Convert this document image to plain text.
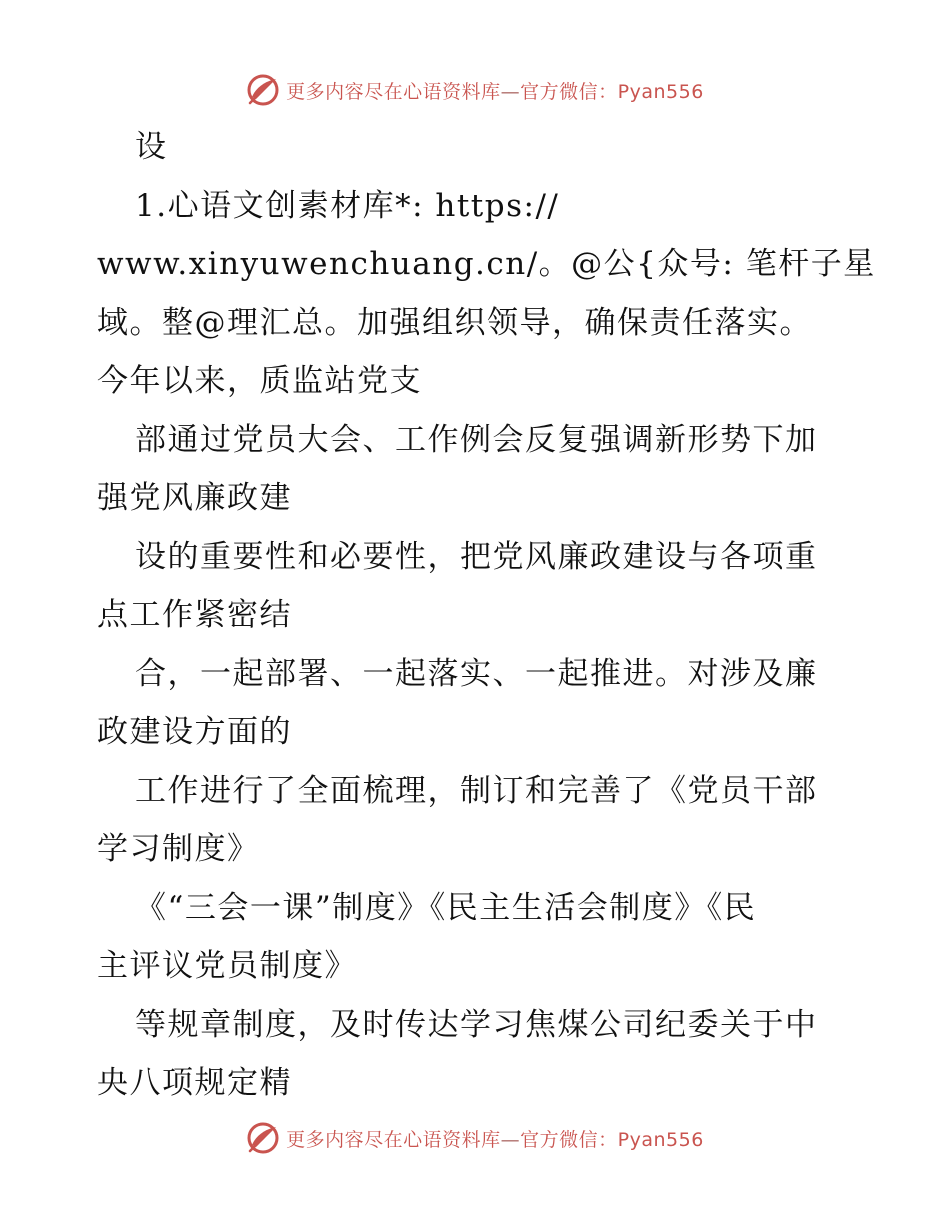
更多内容尽在心语资料库—官方微信：Pyan556
设
1.心语文创素材库*: https://
www.xinyuwenchuang.cn/。@公{众号: 笔杆子星
域。整@理汇总。加强组织领导，确保责任落实。
今年以来，质监站党支
部通过党员大会、工作例会反复强调新形势下加
强党风廉政建
设的重要性和必要性，把党风廉政建设与各项重
点工作紧密结
合，一起部署、一起落实、一起推进。对涉及廉
政建设方面的
工作进行了全面梳理，制订和完善了《党员干部
学习制度》
《“三会一课”制度》《民主生活会制度》《民
主评议党员制度》
等规章制度，及时传达学习焦煤公司纪委关于中
央八项规定精
更多内容尽在心语资料库—官方微信：Pyan556
